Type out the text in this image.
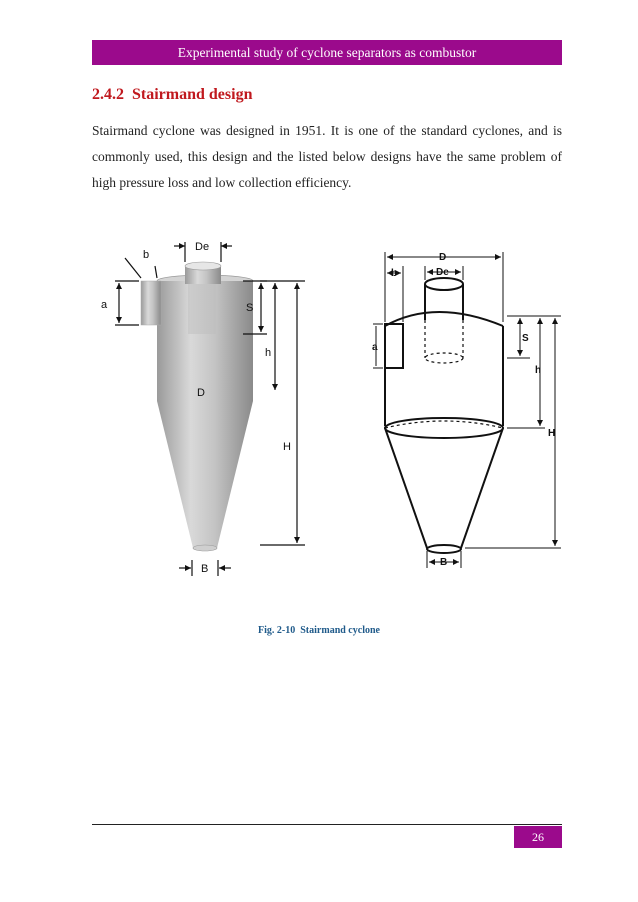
Experimental study of cyclone separators as combustor
2.4.2 Stairmand design

Stairmand cyclone was designed in 1951. It is one of the standard cyclones, and is commonly used, this design and the listed below designs have the same problem of high pressure loss and low collection efficiency.

b
De
a	S
h
D
H
B
D
b	De
a
S
h
H
B
Fig. 2-10 Stairmand cyclone
26
